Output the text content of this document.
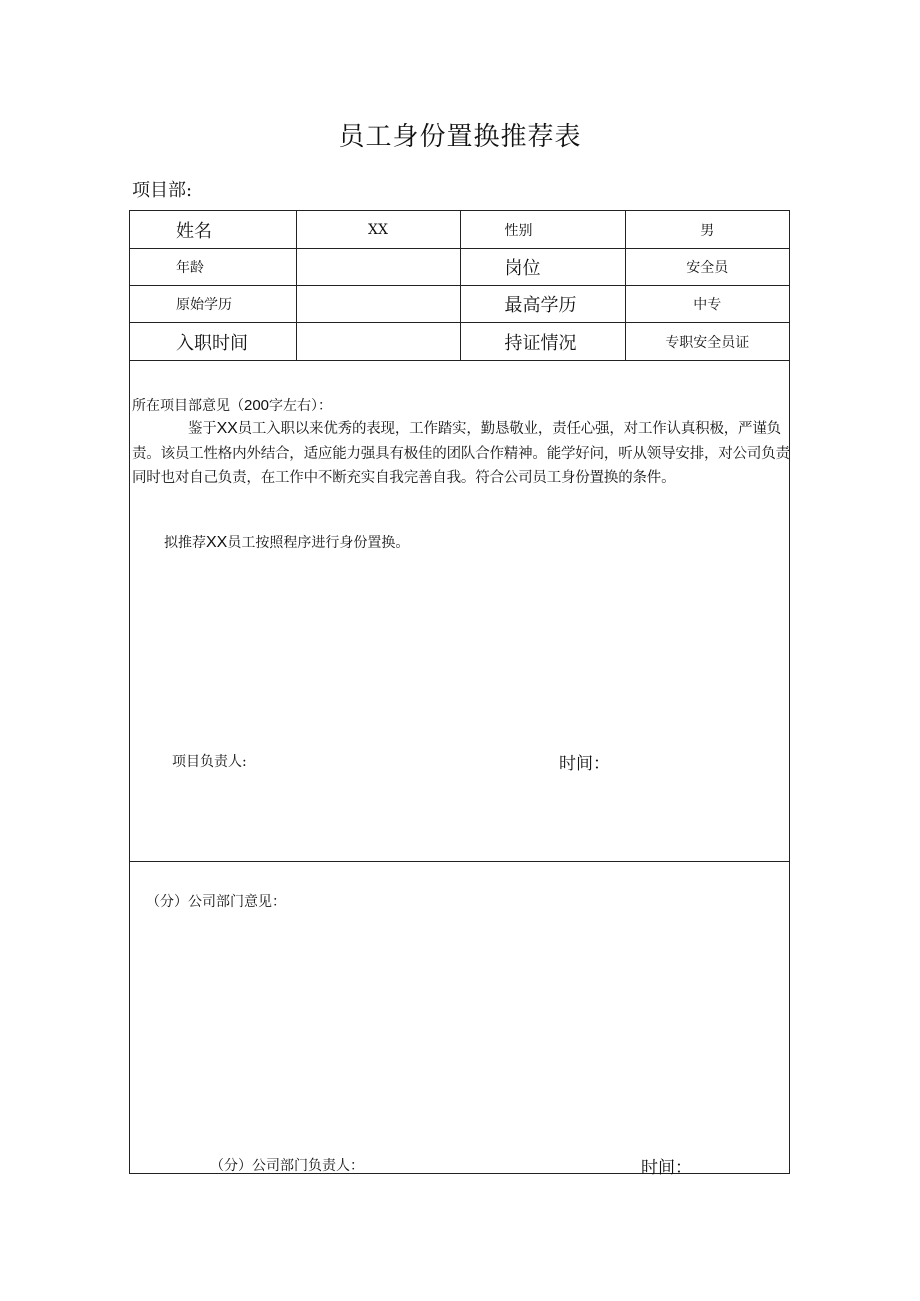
员工身份置换推荐表
项目部:
姓名	XX	性别	男
年龄		岗位	安全员
原始学历		最高学历	中专
入职时间		持证情况	专职安全员证
所在项目部意见（200字左右）：
鉴于XX员工入职以来优秀的表现，工作踏实，勤恳敬业，责任心强，对工作认真积极，严谨负责。该员工性格内外结合，适应能力强具有极佳的团队合作精神。能学好问，听从领导安排，对公司负责同时也对自己负责，在工作中不断充实自我完善自我。符合公司员工身份置换的条件。
拟推荐XX员工按照程序进行身份置换。
项目负责人:	时间：
（分）公司部门意见：
（分）公司部门负责人：	时间：
